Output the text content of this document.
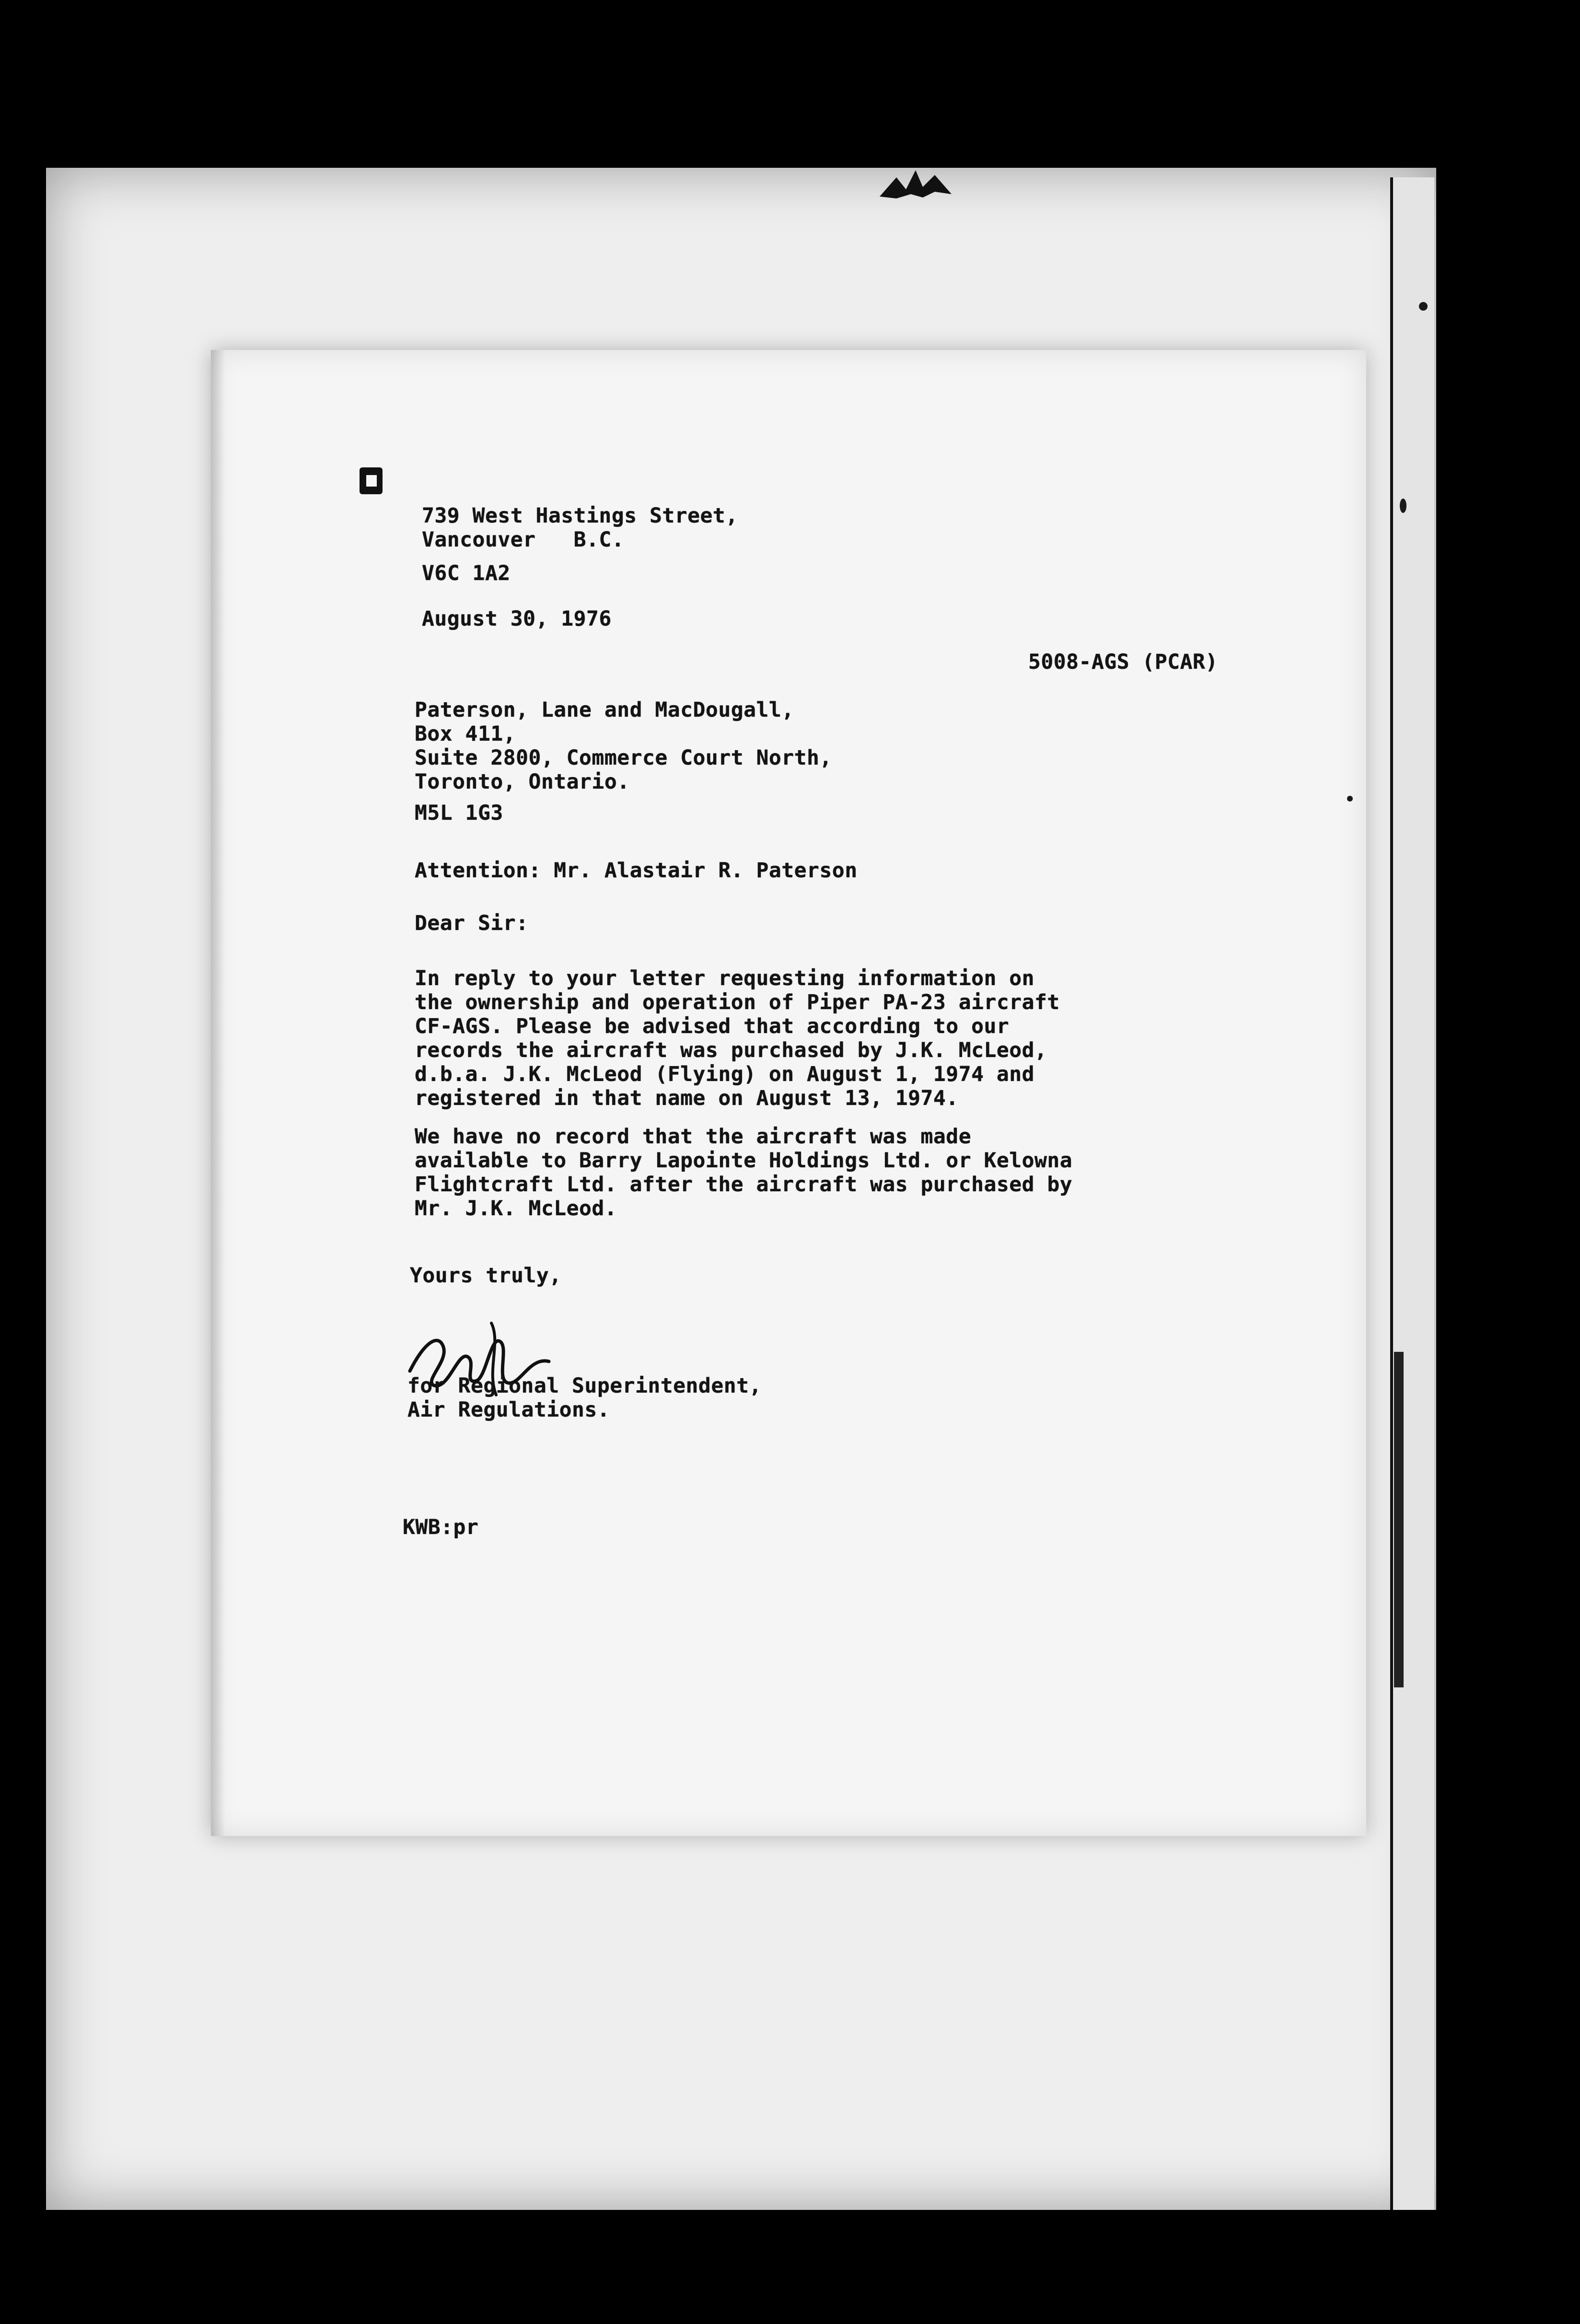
739 West Hastings Street,
Vancouver   B.C.
V6C 1A2
August 30, 1976
5008-AGS (PCAR)
Paterson, Lane and MacDougall,
Box 411,
Suite 2800, Commerce Court North,
Toronto, Ontario.
M5L 1G3
Attention: Mr. Alastair R. Paterson
Dear Sir:
In reply to your letter requesting information on
the ownership and operation of Piper PA-23 aircraft
CF-AGS. Please be advised that according to our
records the aircraft was purchased by J.K. McLeod,
d.b.a. J.K. McLeod (Flying) on August 1, 1974 and
registered in that name on August 13, 1974.
We have no record that the aircraft was made
available to Barry Lapointe Holdings Ltd. or Kelowna
Flightcraft Ltd. after the aircraft was purchased by
Mr. J.K. McLeod.
Yours truly,
for Regional Superintendent,
Air Regulations.
KWB:pr
